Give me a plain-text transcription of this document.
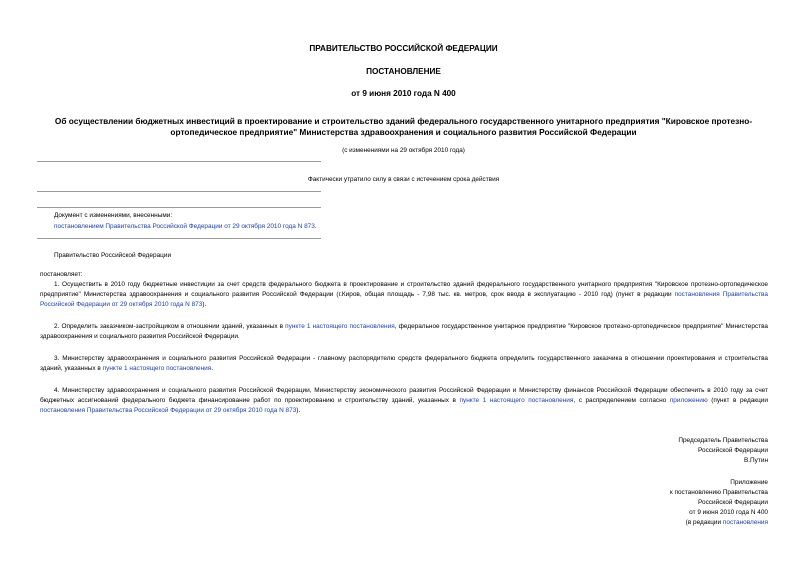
ПРАВИТЕЛЬСТВО РОССИЙСКОЙ ФЕДЕРАЦИИ
ПОСТАНОВЛЕНИЕ
от 9 июня 2010 года N 400
Об осуществлении бюджетных инвестиций в проектирование и строительство зданий федерального государственного унитарного предприятия "Кировское протезно-ортопедическое предприятие" Министерства здравоохранения и социального развития Российской Федерации
(с изменениями на 29 октября 2010 года)
Фактически утратило силу в связи с истечением срока действия
Документ с изменениями, внесенными:
постановлением Правительства Российской Федерации от 29 октября 2010 года N 873.
Правительство Российской Федерации
постановляет:
1. Осуществить в 2010 году бюджетные инвестиции за счет средств федерального бюджета в проектирование и строительство зданий федерального государственного унитарного предприятия "Кировское протезно-ортопедическое предприятие" Министерства здравоохранения и социального развития Российской Федерации (г.Киров, общая площадь - 7,98 тыс. кв. метров, срок ввода в эксплуатацию - 2010 год) (пункт в редакции постановления Правительства Российской Федерации от 29 октября 2010 года N 873).
2. Определить заказчиком-застройщиком в отношении зданий, указанных в пункте 1 настоящего постановления, федеральное государственное унитарное предприятие "Кировское протезно-ортопедическое предприятие" Министерства здравоохранения и социального развития Российской Федерации.
3. Министерству здравоохранения и социального развития Российской Федерации - главному распорядителю средств федерального бюджета определить государственного заказчика в отношении проектирования и строительства зданий, указанных в пункте 1 настоящего постановления.
4. Министерству здравоохранения и социального развития Российской Федерации, Министерству экономического развития Российской Федерации и Министерству финансов Российской Федерации обеспечить в 2010 году за счет бюджетных ассигнований федерального бюджета финансирование работ по проектированию и строительству зданий, указанных в пункте 1 настоящего постановления, с распределением согласно приложению (пункт в редакции постановления Правительства Российской Федерации от 29 октября 2010 года N 873).
Председатель Правительства
Российской Федерации
В.Путин
Приложение
к постановлению Правительства
Российской Федерации
от 9 июня 2010 года N 400
(в редакции постановления
